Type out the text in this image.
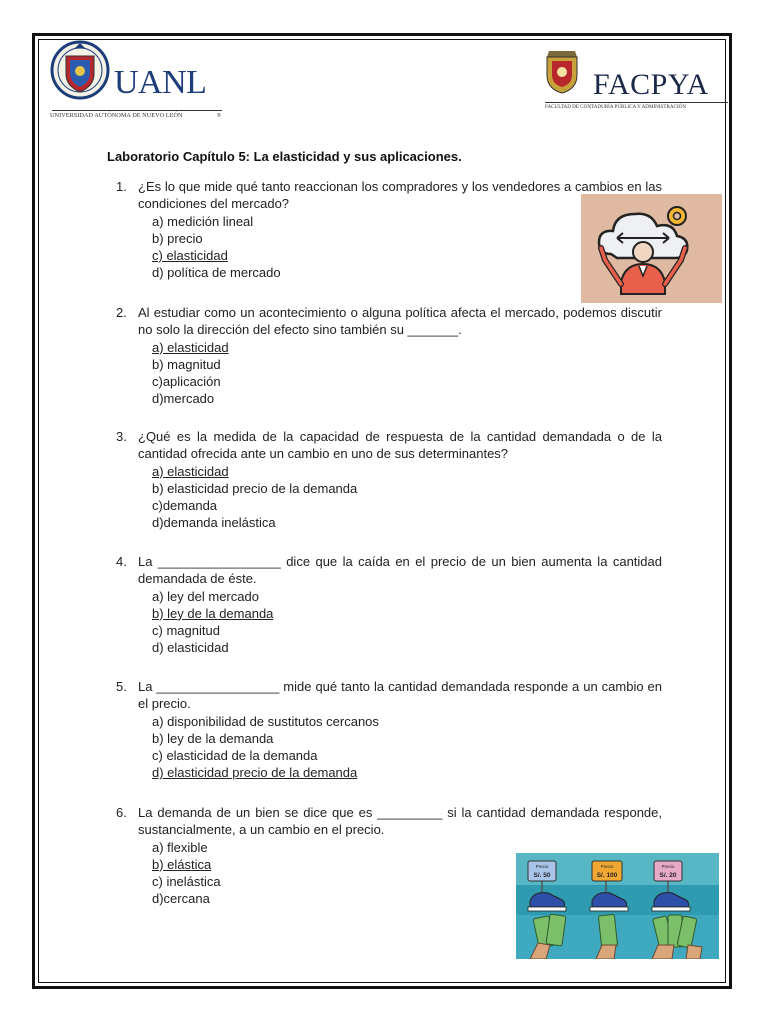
UANL
UNIVERSIDAD AUTÓNOMA DE NUEVO LEÓN	®
FACPYA
FACULTAD DE CONTADURÍA PÚBLICA Y ADMINISTRACIÓN
Laboratorio Capítulo 5: La elasticidad y sus aplicaciones.
1. ¿Es lo que mide qué tanto reaccionan los compradores y los vendedores a cambios en las condiciones del mercado?
a) medición lineal
b) precio
c) elasticidad
d) política de mercado
2. Al estudiar como un acontecimiento o alguna política afecta el mercado, podemos discutir no solo la dirección del efecto sino también su _______.
a) elasticidad
b) magnitud
c)aplicación
d)mercado
3. ¿Qué es la medida de la capacidad de respuesta de la cantidad demandada o de la cantidad ofrecida ante un cambio en uno de sus determinantes?
a) elasticidad
b) elasticidad precio de la demanda
c)demanda
d)demanda inelástica
4. La _________________ dice que la caída en el precio de un bien aumenta la cantidad demandada de éste.
a) ley del mercado
b) ley de la demanda
c) magnitud
d) elasticidad
5. La _________________ mide qué tanto la cantidad demandada responde a un cambio en el precio.
a) disponibilidad de sustitutos cercanos
b) ley de la demanda
c) elasticidad de la demanda
d) elasticidad precio de la demanda
6. La demanda de un bien se dice que es _________ si la cantidad demandada responde, sustancialmente, a un cambio en el precio.
a) flexible
b) elástica
c) inelástica
d)cercana
Precio
S/. 50
Precio
S/. 100
Precio
S/. 20
